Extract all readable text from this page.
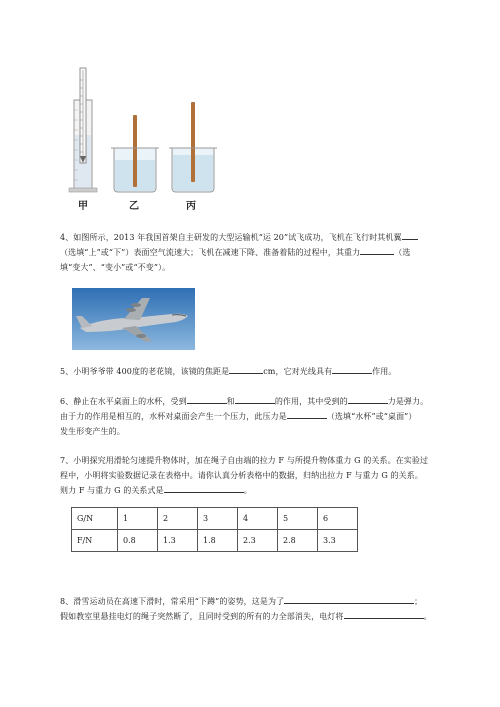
甲	乙	丙
4、如图所示，2013 年我国首架自主研发的大型运输机“运 20”试飞成功，飞机在飞行时其机翼
（选填“上”或“下”）表面空气流速大；飞机在减速下降、准备着陆的过程中，其重力	（选
填“变大”、“变小”或“不变”）。
5、小明爷爷带 400度的老花镜，该镜的焦距是	cm，它对光线具有	作用。
6、静止在水平桌面上的水杯，受到	和	的作用，其中受到的	力是弹力。
由于力的作用是相互的，水杯对桌面会产生一个压力，此压力是	（选填“水杯”或“桌面”）
发生形变产生的。
7、小明探究用滑轮匀速提升物体时，加在绳子自由端的拉力 F 与所提升物体重力 G 的关系。在实验过
程中，小明将实验数据记录在表格中。请你认真分析表格中的数据，归纳出拉力 F 与重力 G 的关系。
则力 F 与重力 G 的关系式是	。
G/N	1	2	3	4	5	6
F/N	0.8	1.3	1.8	2.3	2.8	3.3
8、滑雪运动员在高速下滑时，常采用“下蹲”的姿势，这是为了	；
假如教室里悬挂电灯的绳子突然断了，且同时受到的所有的力全部消失，电灯将	。
